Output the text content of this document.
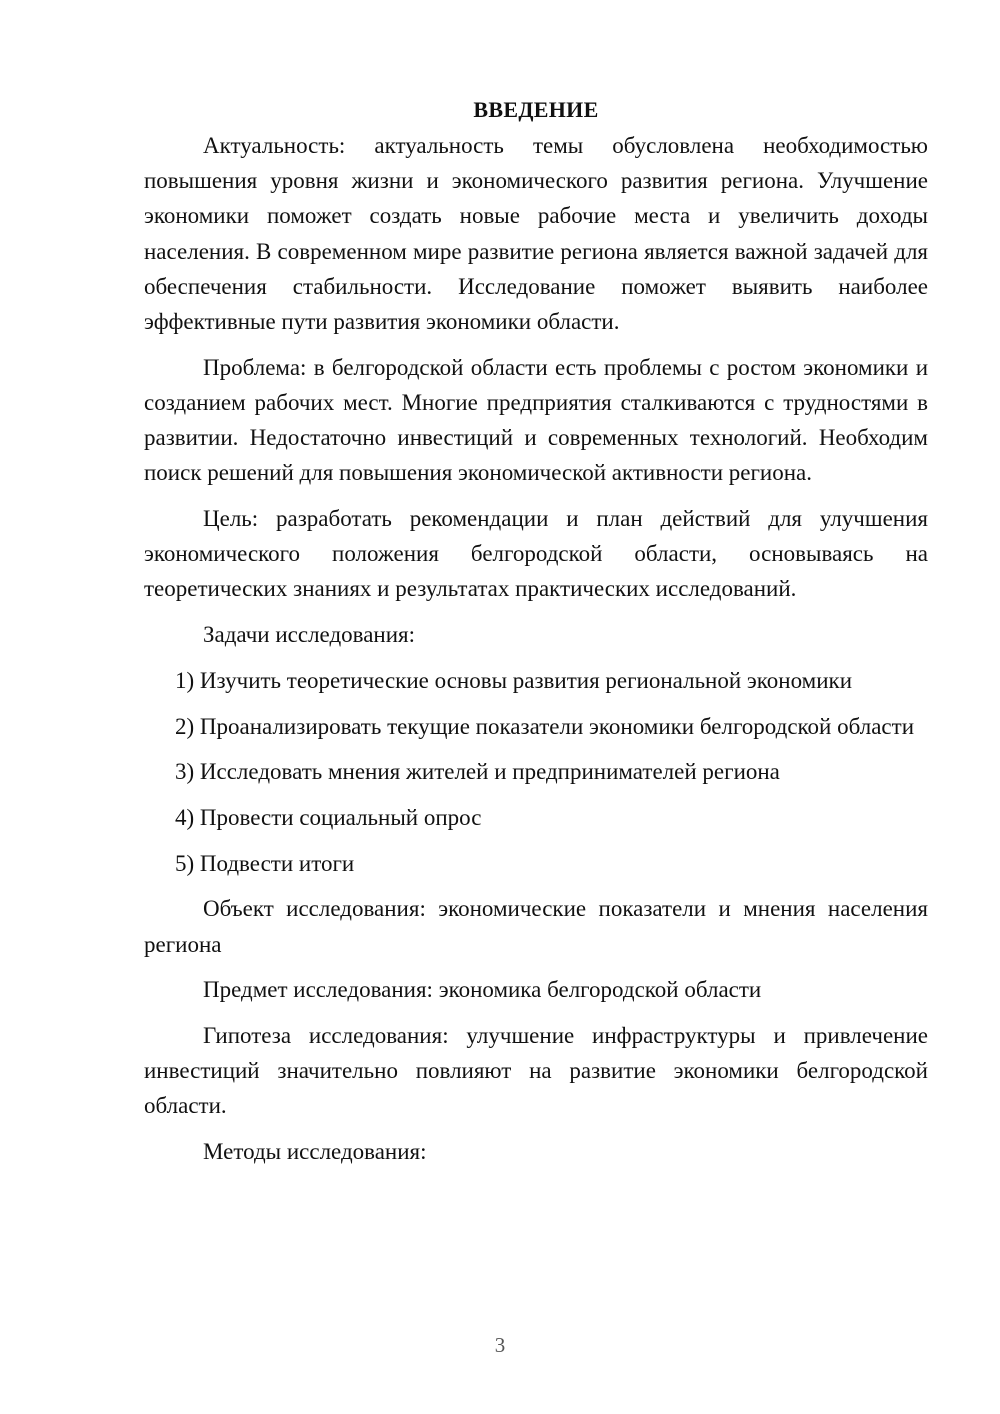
ВВЕДЕНИЕ

Актуальность: актуальность темы обусловлена необходимостью повышения уровня жизни и экономического развития региона. Улучшение экономики поможет создать новые рабочие места и увеличить доходы населения. В современном мире развитие региона является важной задачей для обеспечения стабильности. Исследование поможет выявить наиболее эффективные пути развития экономики области.

Проблема: в белгородской области есть проблемы с ростом экономики и созданием рабочих мест. Многие предприятия сталкиваются с трудностями в развитии. Недостаточно инвестиций и современных технологий. Необходим поиск решений для повышения экономической активности региона.

Цель: разработать рекомендации и план действий для улучшения экономического положения белгородской области, основываясь на теоретических знаниях и результатах практических исследований.

Задачи исследования:

1) Изучить теоретические основы развития региональной экономики

2) Проанализировать текущие показатели экономики белгородской области

3) Исследовать мнения жителей и предпринимателей региона

4) Провести социальный опрос

5) Подвести итоги

Объект исследования: экономические показатели и мнения населения региона

Предмет исследования: экономика белгородской области

Гипотеза исследования: улучшение инфраструктуры и привлечение инвестиций значительно повлияют на развитие экономики белгородской области.

Методы исследования:

3
